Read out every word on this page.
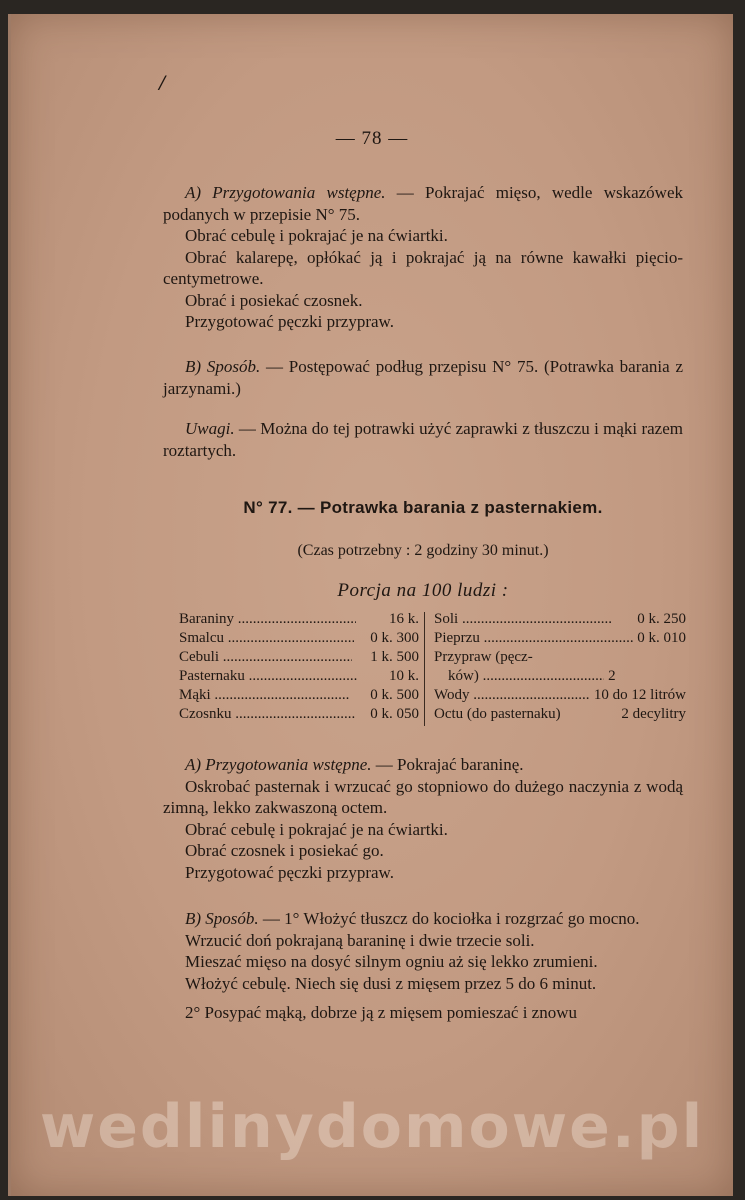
/
— 78 —

A) Przygotowania wstępne. — Pokrajać mięso, wedle wskazówek podanych w przepisie N° 75.

Obrać cebulę i pokrajać je na ćwiartki.

Obrać kalarepę, opłókać ją i pokrajać ją na równe kawałki pięcio-centymetrowe.

Obrać i posiekać czosnek.

Przygotować pęczki przypraw.

B) Sposób. — Postępować podług przepisu N° 75. (Potrawka barania z jarzynami.)

Uwagi. — Można do tej potrawki użyć zaprawki z tłuszczu i mąki razem roztartych.

N° 77. — Potrawka barania z pasternakiem.
(Czas potrzebny : 2 godziny 30 minut.)
Porcja na 100 ludzi :
Baraniny .....	16 k.
Smalcu .....	0 k. 300
Cebuli .....	1 k. 500
Pasternaku .....	10 k.
Mąki .....	0 k. 500
Czosnku .....	0 k. 050
Soli .....	0 k. 250
Pieprzu .....	0 k. 010
Przypraw (pęcz-
ków) .....	2
Wody .....	10 do 12 litrów
Octu (do pasternaku)	2 decylitry

A) Przygotowania wstępne. — Pokrajać baraninę.

Oskrobać pasternak i wrzucać go stopniowo do dużego naczynia z wodą zimną, lekko zakwaszoną octem.

Obrać cebulę i pokrajać je na ćwiartki.

Obrać czosnek i posiekać go.

Przygotować pęczki przypraw.

B) Sposób. — 1° Włożyć tłuszcz do kociołka i rozgrzać go mocno.

Wrzucić doń pokrajaną baraninę i dwie trzecie soli.

Mieszać mięso na dosyć silnym ogniu aż się lekko zrumieni.

Włożyć cebulę. Niech się dusi z mięsem przez 5 do 6 minut.

2° Posypać mąką, dobrze ją z mięsem pomieszać i znowu

wedlinydomowe.pl
